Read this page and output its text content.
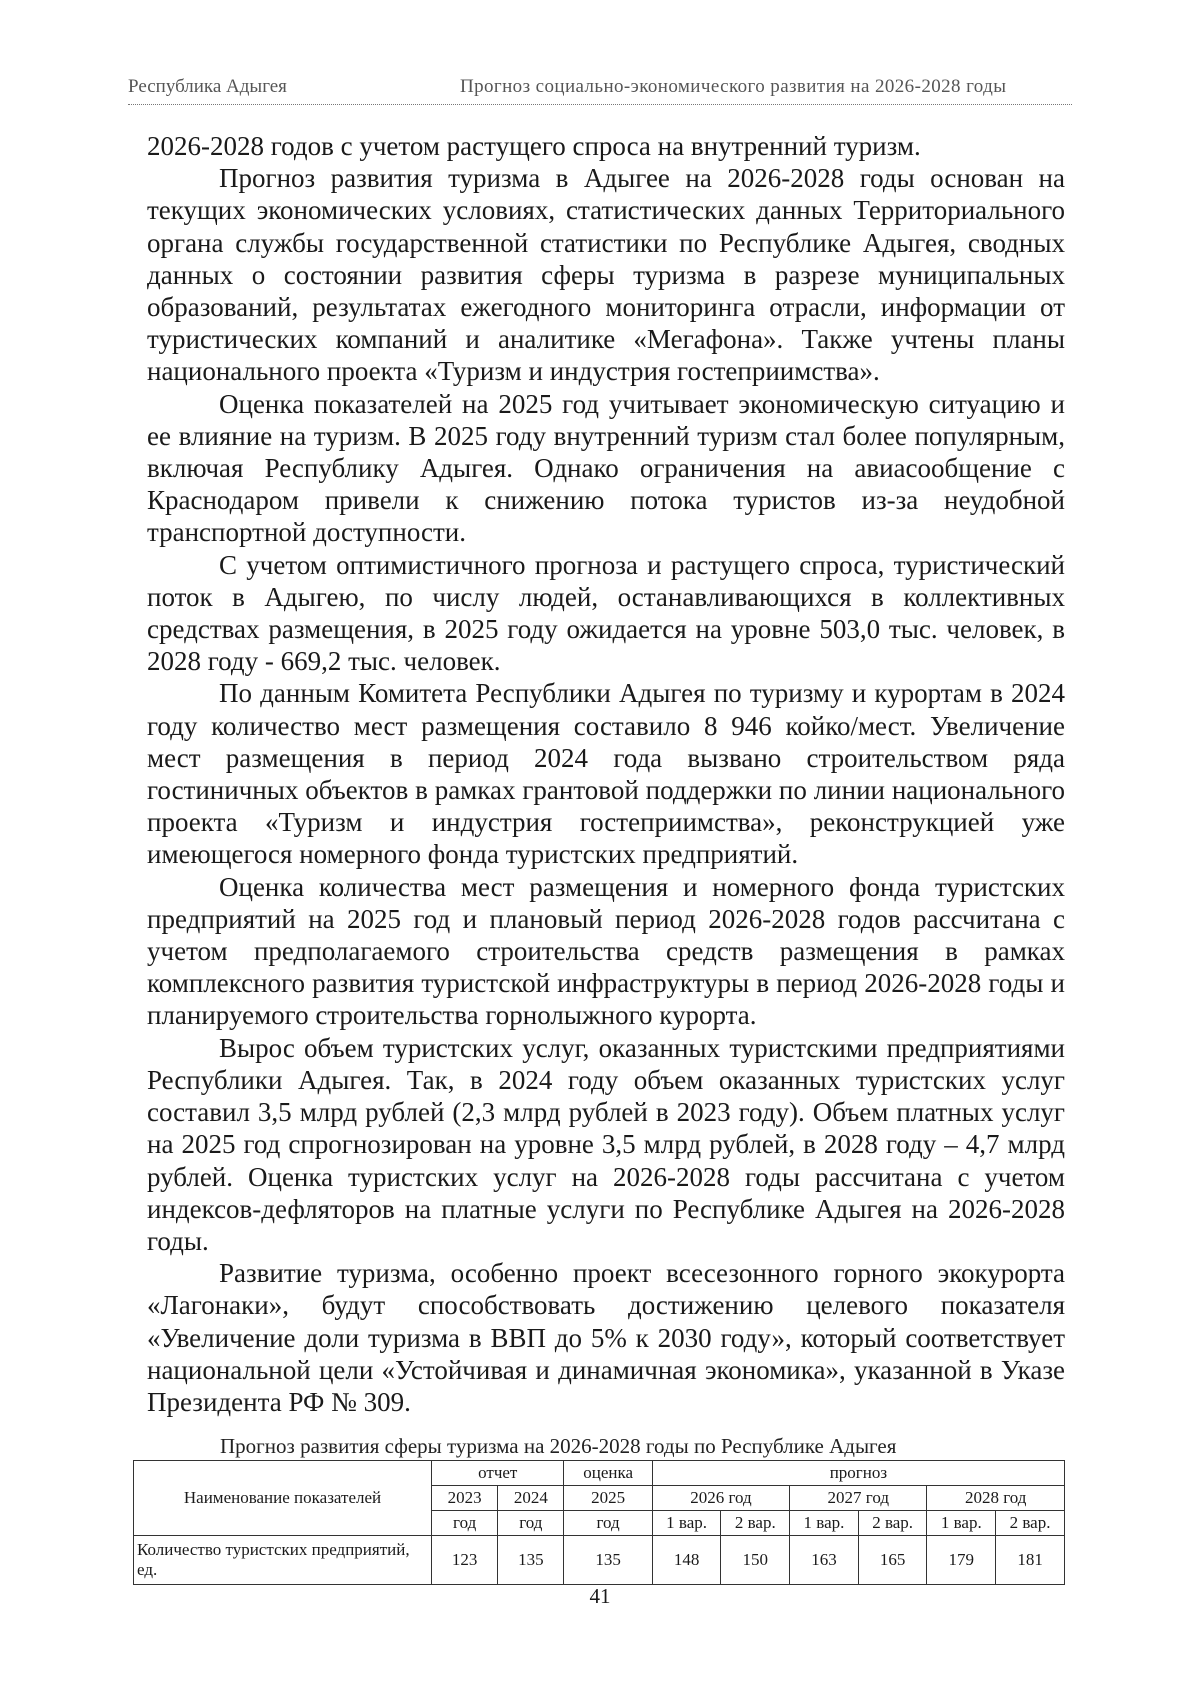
Республика Адыгея	Прогноз социально-экономического развития на 2026-2028 годы

2026-2028 годов с учетом растущего спроса на внутренний туризм.

Прогноз развития туризма в Адыгее на 2026-2028 годы основан на текущих экономических условиях, статистических данных Территориального органа службы государственной статистики по Республике Адыгея, сводных данных о состоянии развития сферы туризма в разрезе муниципальных образований, результатах ежегодного мониторинга отрасли, информации от туристических компаний и аналитике «Мегафона». Также учтены планы национального проекта «Туризм и индустрия гостеприимства».

Оценка показателей на 2025 год учитывает экономическую ситуацию и ее влияние на туризм. В 2025 году внутренний туризм стал более популярным, включая Республику Адыгея. Однако ограничения на авиасообщение с Краснодаром привели к снижению потока туристов из-за неудобной транспортной доступности.

С учетом оптимистичного прогноза и растущего спроса, туристический поток в Адыгею, по числу людей, останавливающихся в коллективных средствах размещения, в 2025 году ожидается на уровне 503,0 тыс. человек, в 2028 году - 669,2 тыс. человек.

По данным Комитета Республики Адыгея по туризму и курортам в 2024 году количество мест размещения составило 8 946 койко/мест. Увеличение мест размещения в период 2024 года вызвано строительством ряда гостиничных объектов в рамках грантовой поддержки по линии национального проекта «Туризм и индустрия гостеприимства», реконструкцией уже имеющегося номерного фонда туристских предприятий.

Оценка количества мест размещения и номерного фонда туристских предприятий на 2025 год и плановый период 2026-2028 годов рассчитана с учетом предполагаемого строительства средств размещения в рамках комплексного развития туристской инфраструктуры в период 2026-2028 годы и планируемого строительства горнолыжного курорта.

Вырос объем туристских услуг, оказанных туристскими предприятиями Республики Адыгея. Так, в 2024 году объем оказанных туристских услуг составил 3,5 млрд рублей (2,3 млрд рублей в 2023 году). Объем платных услуг на 2025 год спрогнозирован на уровне 3,5 млрд рублей, в 2028 году – 4,7 млрд рублей. Оценка туристских услуг на 2026-2028 годы рассчитана с учетом индексов-дефляторов на платные услуги по Республике Адыгея на 2026-2028 годы.

Развитие туризма, особенно проект всесезонного горного экокурорта «Лагонаки», будут способствовать достижению целевого показателя «Увеличение доли туризма в ВВП до 5% к 2030 году», который соответствует национальной цели «Устойчивая и динамичная экономика», указанной в Указе Президента РФ № 309.

Прогноз развития сферы туризма на 2026-2028 годы по Республике Адыгея
Наименование показателей	отчет		оценка	прогноз					
	2023	2024	2025	2026 год		2027 год		2028 год	
	год	год	год	1 вар.	2 вар.	1 вар.	2 вар.	1 вар.	2 вар.
Количество туристских предприятий, ед.	123	135	135	148	150	163	165	179	181
41
